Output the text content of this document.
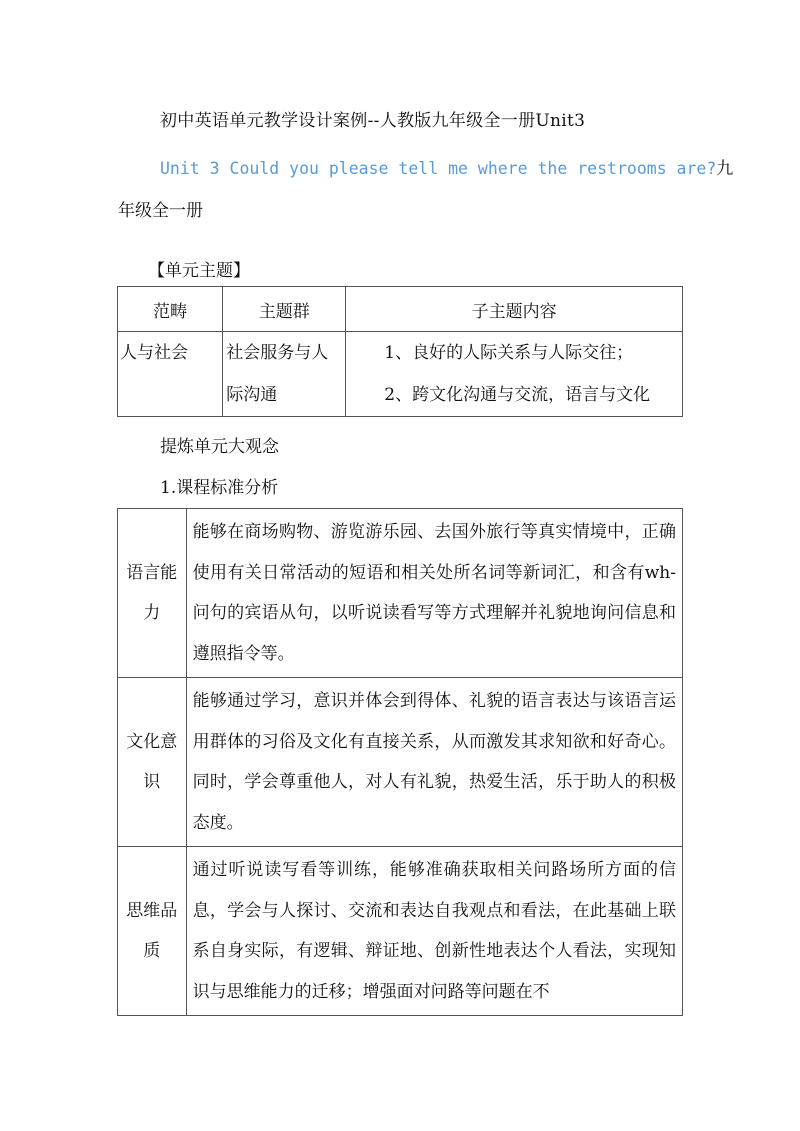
初中英语单元教学设计案例--人教版九年级全一册Unit3
Unit 3 Could you please tell me where the restrooms are?九
年级全一册
【单元主题】
范畴	主题群	子主题内容

人与社会	社会服务与人际沟通	1、良好的人际关系与人际交往；
2、跨文化沟通与交流，语言与文化
提炼单元大观念
1.课程标准分析
语言能力	能够在商场购物、游览游乐园、去国外旅行等真实情境中，正确使用有关日常活动的短语和相关处所名词等新词汇，和含有wh-问句的宾语从句，以听说读看写等方式理解并礼貌地询问信息和遵照指令等。
文化意识	能够通过学习，意识并体会到得体、礼貌的语言表达与该语言运用群体的习俗及文化有直接关系，从而激发其求知欲和好奇心。同时，学会尊重他人，对人有礼貌，热爱生活，乐于助人的积极态度。
思维品质	通过听说读写看等训练，能够准确获取相关问路场所方面的信息，学会与人探讨、交流和表达自我观点和看法，在此基础上联系自身实际，有逻辑、辩证地、创新性地表达个人看法，实现知识与思维能力的迁移；增强面对问路等问题在不
